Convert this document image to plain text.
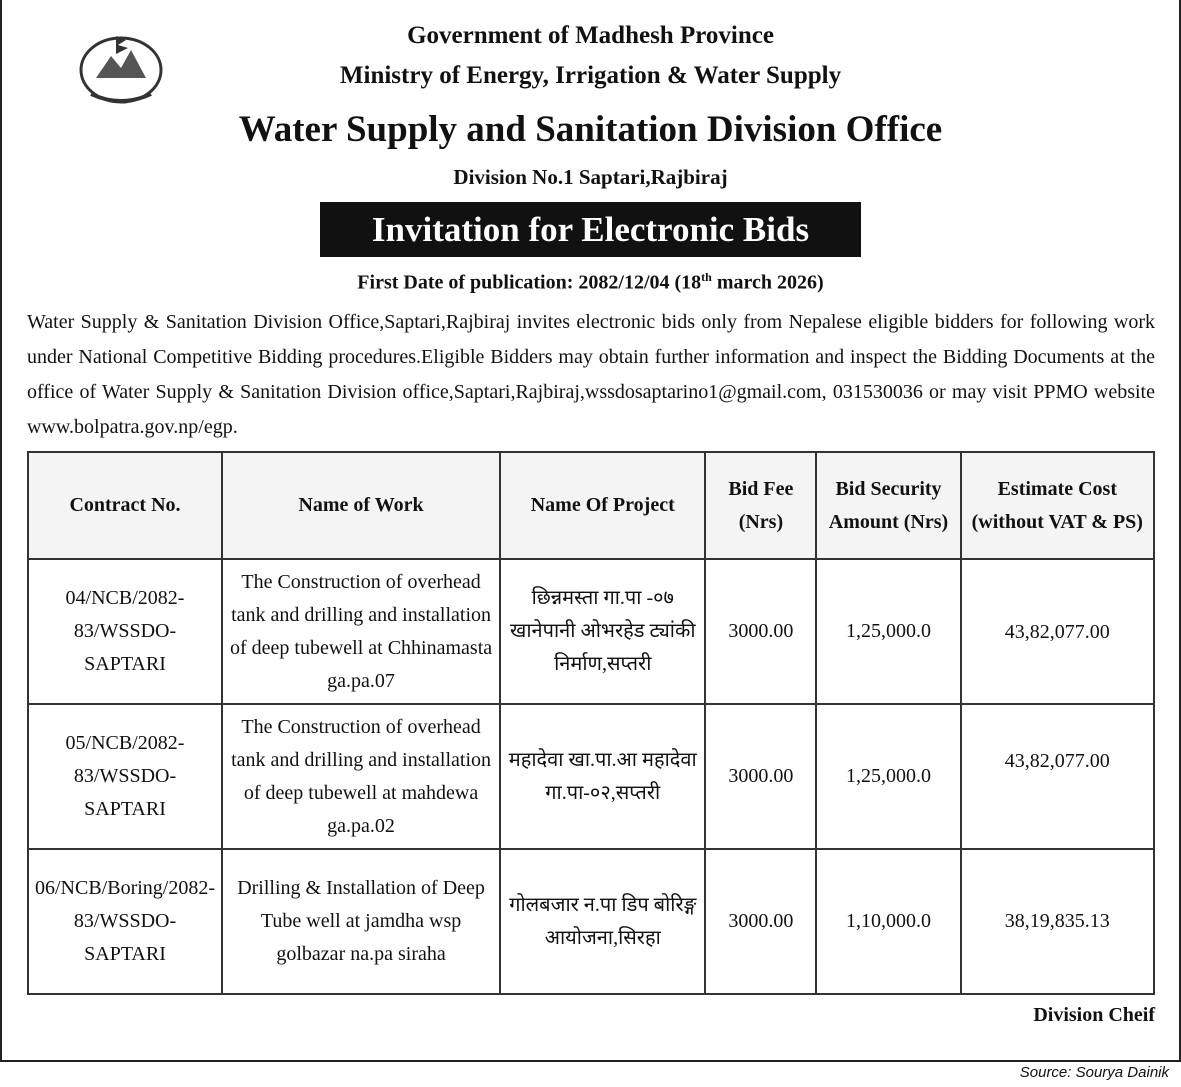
Government of Madhesh Province
Ministry of Energy, Irrigation & Water Supply
Water Supply and Sanitation Division Office
Division No.1 Saptari,Rajbiraj
Invitation for Electronic Bids
First Date of publication: 2082/12/04 (18th march 2026)
Water Supply & Sanitation Division Office,Saptari,Rajbiraj invites electronic bids only from Nepalese eligible bidders for following work under National Competitive Bidding procedures.Eligible Bidders may obtain further information and inspect the Bidding Documents at the office of Water Supply & Sanitation Division office,Saptari,Rajbiraj,wssdosaptarino1@gmail.com, 031530036 or may visit PPMO website www.bolpatra.gov.np/egp.
Contract No.	Name of Work	Name Of Project	Bid Fee (Nrs)	Bid Security Amount (Nrs)	Estimate Cost (without VAT & PS)
04/NCB/2082-83/WSSDO-SAPTARI	The Construction of overhead tank and drilling and installation of deep tubewell at Chhinamasta ga.pa.07	छिन्नमस्ता गा.पा -०७ खानेपानी ओभरहेड ट्यांकी निर्माण,सप्तरी	3000.00	1,25,000.0	43,82,077.00
05/NCB/2082-83/WSSDO-SAPTARI	The Construction of overhead tank and drilling and installation of deep tubewell at mahdewa ga.pa.02	महादेवा खा.पा.आ महादेवा गा.पा-०२,सप्तरी	3000.00	1,25,000.0	43,82,077.00
06/NCB/Boring/2082-83/WSSDO-SAPTARI	Drilling & Installation of Deep Tube well at jamdha wsp golbazar na.pa siraha	गोलबजार न.पा डिप बोरिङ्ग आयोजना,सिरहा	3000.00	1,10,000.0	38,19,835.13
Division Cheif
Source: Sourya Dainik
